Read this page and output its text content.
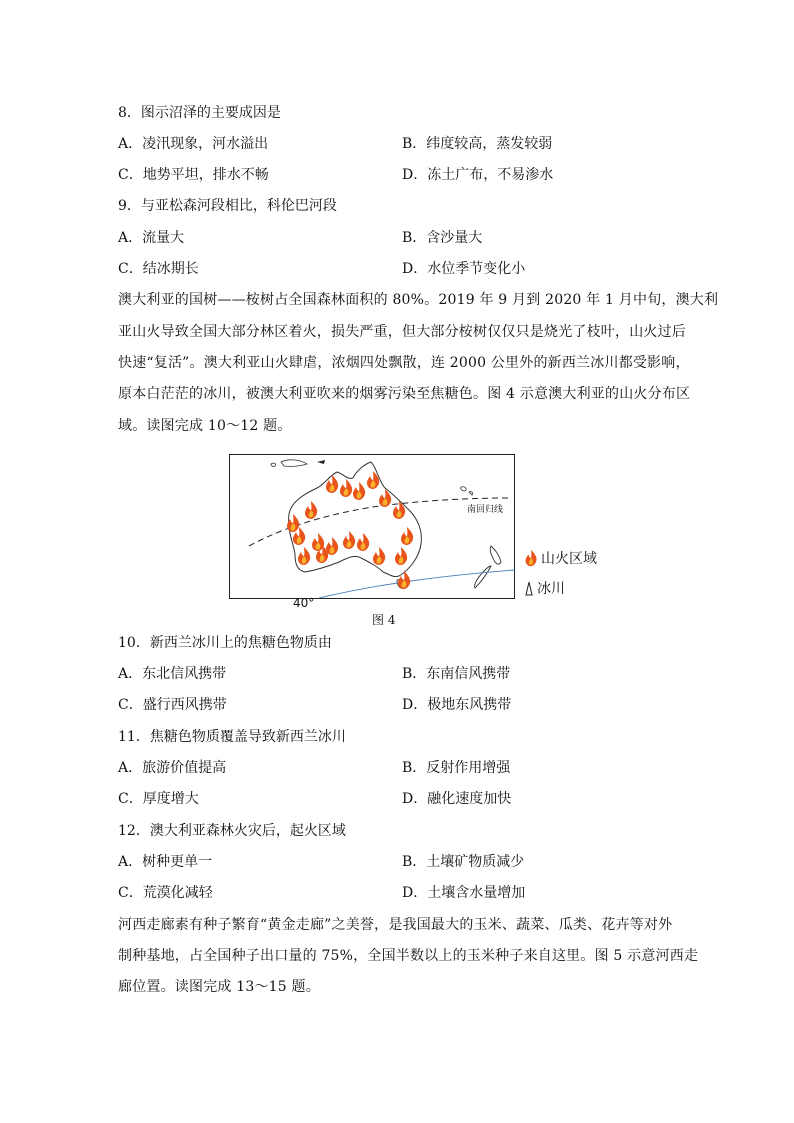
8．图示沼泽的主要成因是
A．凌汛现象，河水溢出	B．纬度较高，蒸发较弱
C．地势平坦，排水不畅	D．冻土广布，不易渗水
9．与亚松森河段相比，科伦巴河段
A．流量大	B．含沙量大
C．结冰期长	D．水位季节变化小
澳大利亚的国树——桉树占全国森林面积的 80%。2019 年 9 月到 2020 年 1 月中旬，澳大利
亚山火导致全国大部分林区着火，损失严重，但大部分桉树仅仅只是烧光了枝叶，山火过后
快速“复活”。澳大利亚山火肆虐，浓烟四处飘散，连 2000 公里外的新西兰冰川都受影响，
原本白茫茫的冰川，被澳大利亚吹来的烟雾污染至焦糖色。图 4 示意澳大利亚的山火分布区
域。读图完成 10～12 题。
南回归线
40°
图 4
山火区域
冰川
10．新西兰冰川上的焦糖色物质由
A．东北信风携带	B．东南信风携带
C．盛行西风携带	D．极地东风携带
11．焦糖色物质覆盖导致新西兰冰川
A．旅游价值提高	B．反射作用增强
C．厚度增大	D．融化速度加快
12．澳大利亚森林火灾后，起火区域
A．树种更单一	B．土壤矿物质减少
C．荒漠化减轻	D．土壤含水量增加
河西走廊素有种子繁育“黄金走廊”之美誉，是我国最大的玉米、蔬菜、瓜类、花卉等对外
制种基地，占全国种子出口量的 75%，全国半数以上的玉米种子来自这里。图 5 示意河西走
廊位置。读图完成 13～15 题。
